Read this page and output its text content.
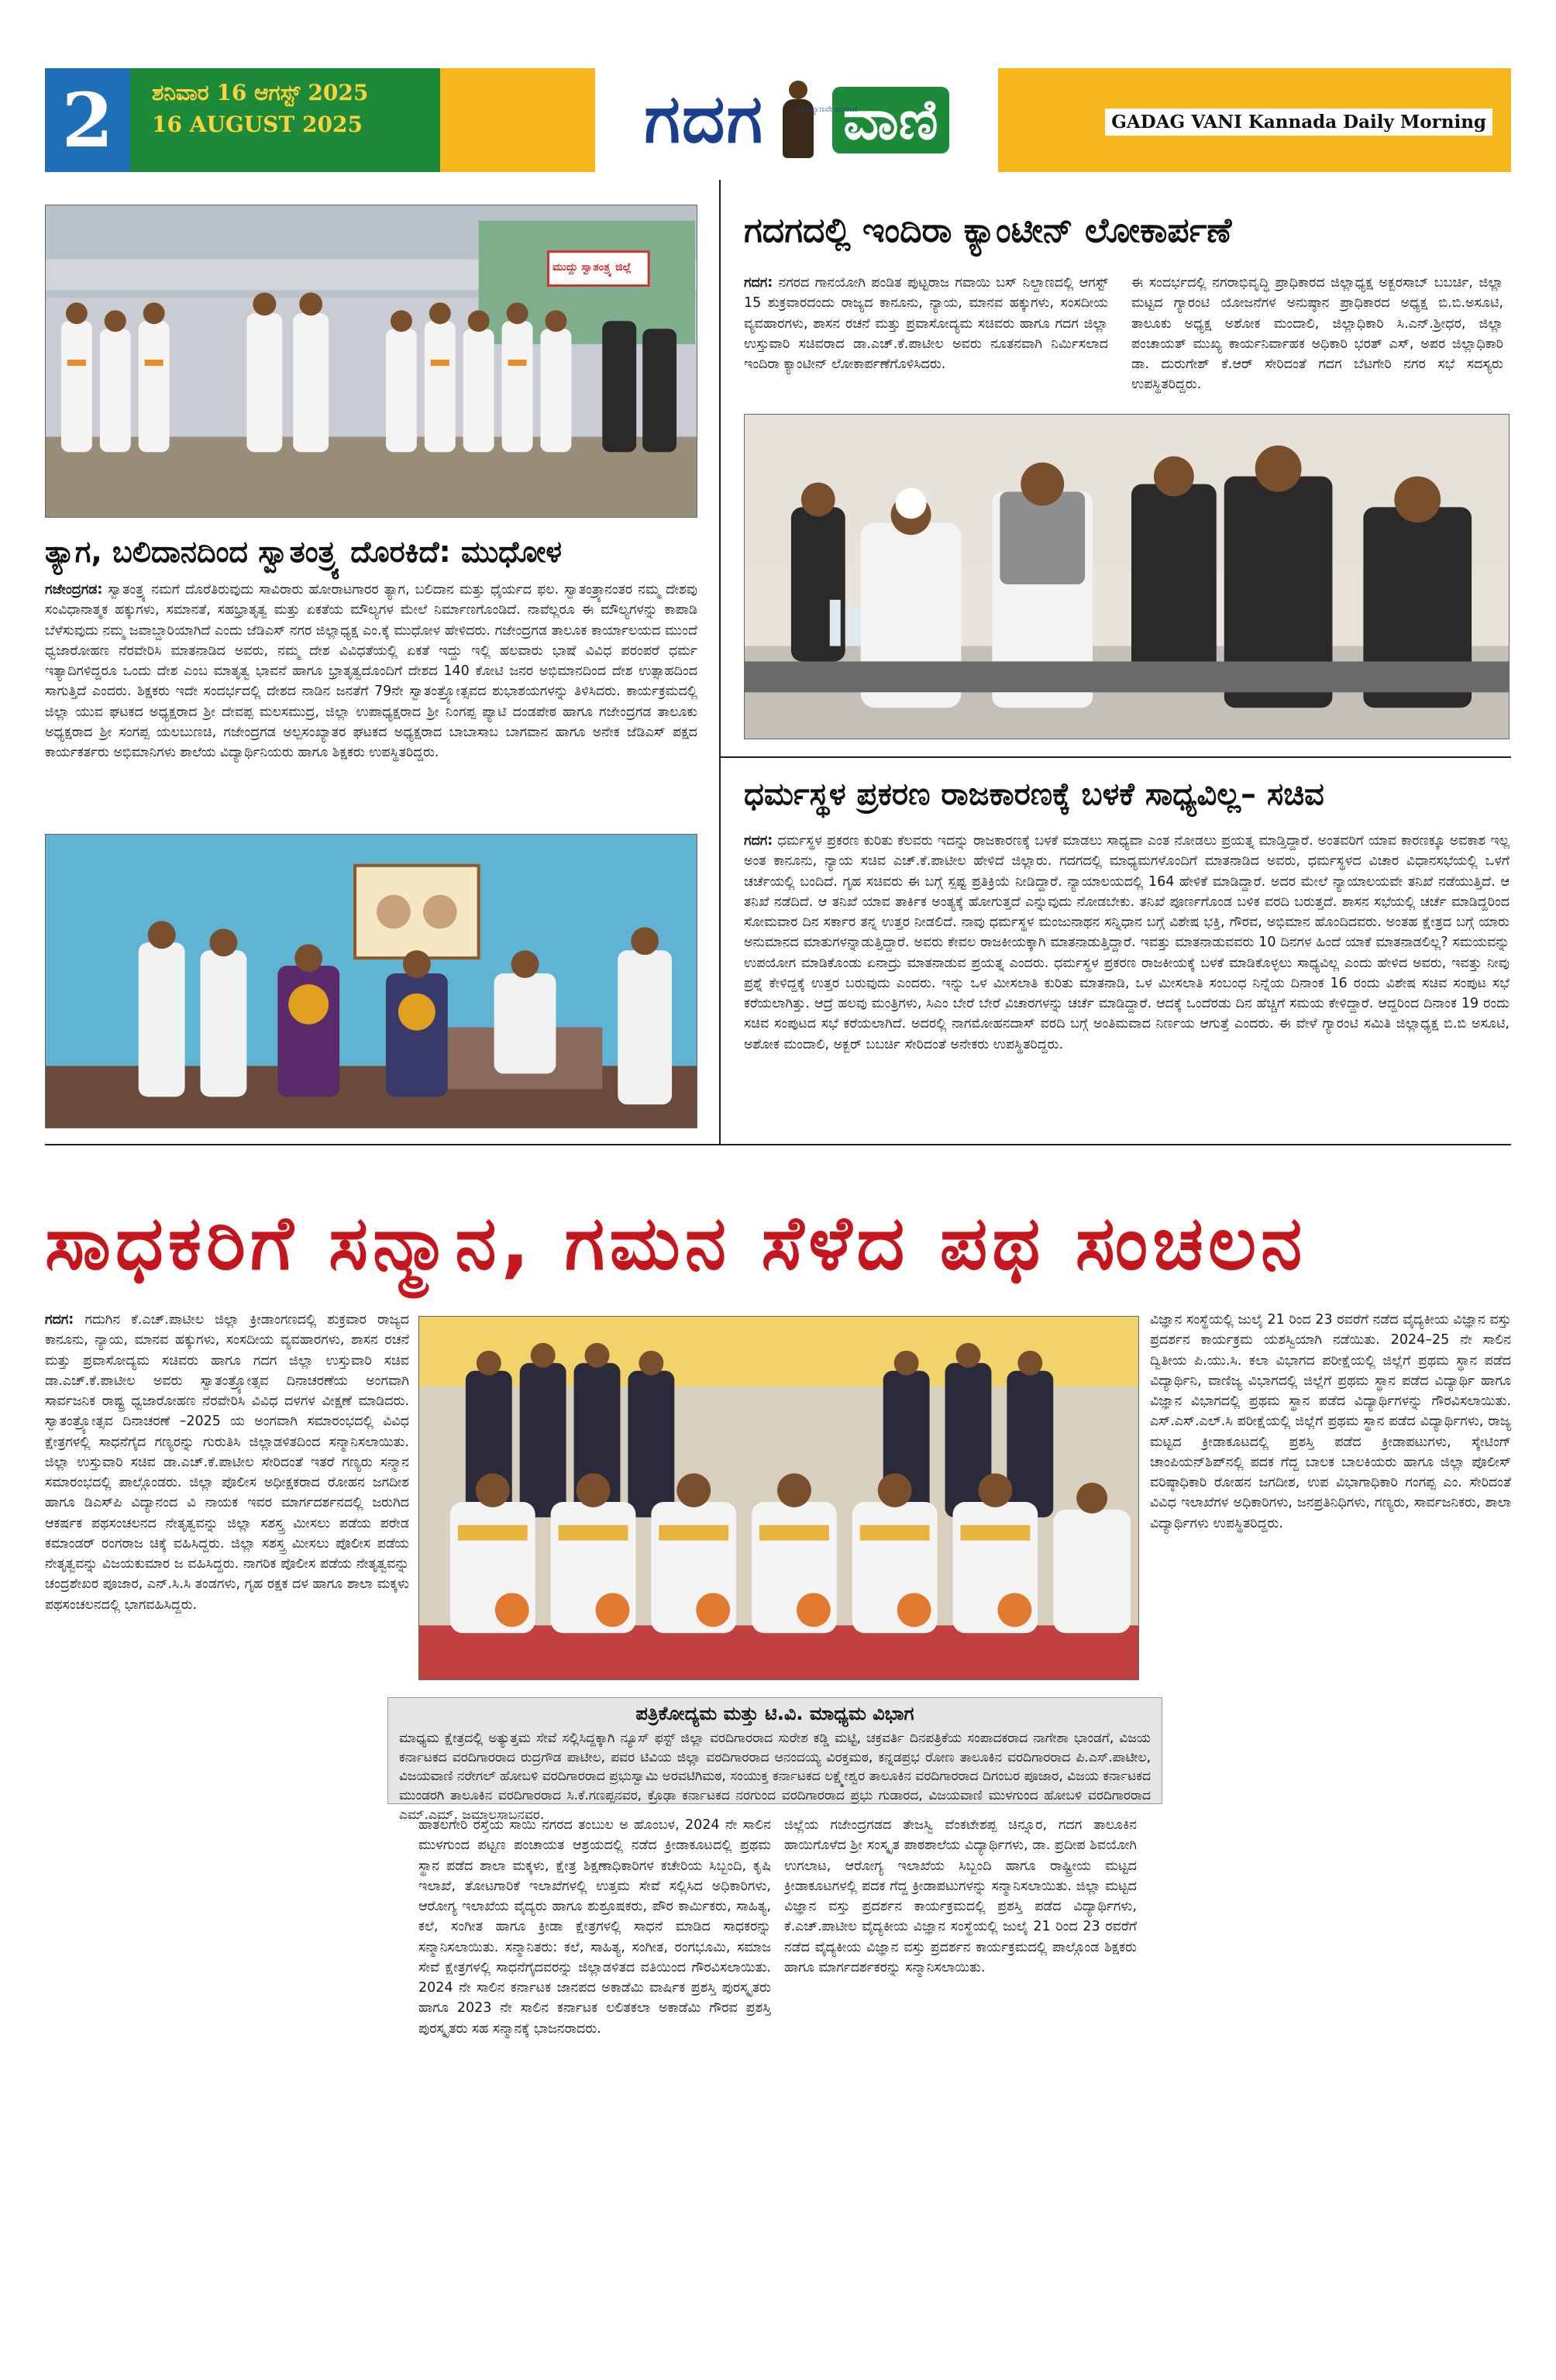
2	ಶನಿವಾರ 16 ಆಗಸ್ಟ್ 2025
16 AUGUST 2025	ಗದಗ ವಾಣಿ
ಜನ ಕಲ್ಯಾಣವೇ ಜನವಾಣಿ
GADAG VANI Kannada Daily Morning
ಮುದ್ದು ಸ್ವಾತಂತ್ರ್ಯ ಜಿಲ್ಲೆ
ತ್ಯಾಗ, ಬಲಿದಾನದಿಂದ ಸ್ವಾತಂತ್ರ್ಯ ದೊರಕಿದೆ: ಮುಧೋಳ

ಗಜೇಂದ್ರಗಡ: ಸ್ವಾತಂತ್ರ್ಯ ನಮಗೆ ದೊರೆತಿರುವುದು ಸಾವಿರಾರು ಹೋರಾಟಗಾರರ ತ್ಯಾಗ, ಬಲಿದಾನ ಮತ್ತು ಧೈರ್ಯದ ಫಲ. ಸ್ವಾತಂತ್ರ್ಯಾನಂತರ ನಮ್ಮ ದೇಶವು ಸಂವಿಧಾನಾತ್ಮಕ ಹಕ್ಕುಗಳು, ಸಮಾನತೆ, ಸಹಭ್ರಾತೃತ್ವ ಮತ್ತು ಏಕತೆಯ ಮೌಲ್ಯಗಳ ಮೇಲೆ ನಿರ್ಮಾಣಗೊಂಡಿದೆ. ನಾವೆಲ್ಲರೂ ಈ ಮೌಲ್ಯಗಳನ್ನು ಕಾಪಾಡಿ ಬೆಳೆಸುವುದು ನಮ್ಮ ಜವಾಬ್ದಾರಿಯಾಗಿದೆ ಎಂದು ಜೆಡಿಎಸ್ ನಗರ ಜಿಲ್ಲಾಧ್ಯಕ್ಷ ಎಂ.ಕ್ಕೆ ಮುಧೋಳ ಹೇಳಿದರು. ಗಜೇಂದ್ರಗಡ ತಾಲೂಕ ಕಾರ್ಯಾಲಯದ ಮುಂದೆ ಧ್ವಜಾರೋಹಣ ನೆರವೇರಿಸಿ ಮಾತನಾಡಿದ ಅವರು, ನಮ್ಮ ದೇಶ ವಿವಿಧತೆಯಲ್ಲಿ ಏಕತೆ ಇದ್ದು ಇಲ್ಲಿ ಹಲವಾರು ಭಾಷೆ ವಿವಿಧ ಪರಂಪರೆ ಧರ್ಮ ಇತ್ಯಾದಿಗಳಿದ್ದರೂ ಒಂದು ದೇಶ ಎಂಬ ಮಾತೃತ್ವ ಭಾವನೆ ಹಾಗೂ ಭ್ರಾತೃತ್ವದೊಂದಿಗೆ ದೇಶದ 140 ಕೋಟಿ ಜನರ ಅಭಿಮಾನದಿಂದ ದೇಶ ಉತ್ಸಾಹದಿಂದ ಸಾಗುತ್ತಿದೆ ಎಂದರು. ಶಿಕ್ಷಕರು ಇದೇ ಸಂದರ್ಭದಲ್ಲಿ ದೇಶದ ನಾಡಿನ ಜನತೆಗೆ 79ನೇ ಸ್ವಾತಂತ್ರ್ಯೋತ್ಸವದ ಶುಭಾಶಯಗಳನ್ನು ತಿಳಿಸಿದರು. ಕಾರ್ಯಕ್ರಮದಲ್ಲಿ ಜಿಲ್ಲಾ ಯುವ ಘಟಕದ ಅಧ್ಯಕ್ಷರಾದ ಶ್ರೀ ದೇವಪ್ಪ ಮಲಸಮುದ್ರ, ಜಿಲ್ಲಾ ಉಪಾಧ್ಯಕ್ಷರಾದ ಶ್ರೀ ನಿಂಗಪ್ಪ ಪ್ಯಾಟಿ ದಂಡಪೇಠ ಹಾಗೂ ಗಜೇಂದ್ರಗಡ ತಾಲೂಕು ಅಧ್ಯಕ್ಷರಾದ ಶ್ರೀ ಸಂಗಪ್ಪ ಯಲಬುಣಚಿ, ಗಜೇಂದ್ರಗಡ ಅಲ್ಪಸಂಖ್ಯಾತರ ಘಟಕದ ಅಧ್ಯಕ್ಷರಾದ ಬಾಬಾಸಾಬ ಬಾಗವಾನ ಹಾಗೂ ಅನೇಕ ಜೆಡಿಎಸ್ ಪಕ್ಷದ ಕಾರ್ಯಕರ್ತರು ಅಭಿಮಾನಿಗಳು ಶಾಲೆಯ ವಿದ್ಯಾರ್ಥಿನಿಯರು ಹಾಗೂ ಶಿಕ್ಷಕರು ಉಪಸ್ಥಿತರಿದ್ದರು.

ಗದಗದಲ್ಲಿ ಇಂದಿರಾ ಕ್ಯಾಂಟೀನ್ ಲೋಕಾರ್ಪಣೆ

ಗದಗ: ನಗರದ ಗಾನಯೋಗಿ ಪಂಡಿತ ಪುಟ್ಟರಾಜ ಗವಾಯಿ ಬಸ್ ನಿಲ್ದಾಣದಲ್ಲಿ ಆಗಸ್ಟ್ 15 ಶುಕ್ರವಾರದಂದು ರಾಜ್ಯದ ಕಾನೂನು, ನ್ಯಾಯ, ಮಾನವ ಹಕ್ಕುಗಳು, ಸಂಸದೀಯ ವ್ಯವಹಾರಗಳು, ಶಾಸನ ರಚನೆ ಮತ್ತು ಪ್ರವಾಸೋದ್ಯಮ ಸಚಿವರು ಹಾಗೂ ಗದಗ ಜಿಲ್ಲಾ ಉಸ್ತುವಾರಿ ಸಚಿವರಾದ ಡಾ.ಎಚ್.ಕೆ.ಪಾಟೀಲ ಅವರು ನೂತನವಾಗಿ ನಿರ್ಮಿಸಲಾದ ಇಂದಿರಾ ಕ್ಯಾಂಟೀನ್ ಲೋಕಾರ್ಪಣೆಗೊಳಿಸಿದರು.

ಈ ಸಂದರ್ಭದಲ್ಲಿ ನಗರಾಭಿವೃದ್ಧಿ ಪ್ರಾಧಿಕಾರದ ಜಿಲ್ಲಾಧ್ಯಕ್ಷ ಅಕ್ಬರಸಾಬ್ ಬಬರ್ಚಿ, ಜಿಲ್ಲಾ ಮಟ್ಟದ ಗ್ಯಾರಂಟಿ ಯೋಜನೆಗಳ ಅನುಷ್ಠಾನ ಪ್ರಾಧಿಕಾರದ ಅಧ್ಯಕ್ಷ ಬಿ.ಬಿ.ಅಸೂಟಿ, ತಾಲೂಕು ಅಧ್ಯಕ್ಷ ಅಶೋಕ ಮಂದಾಲಿ, ಜಿಲ್ಲಾಧಿಕಾರಿ ಸಿ.ಎನ್.ಶ್ರೀಧರ, ಜಿಲ್ಲಾ ಪಂಚಾಯತ್ ಮುಖ್ಯ ಕಾರ್ಯನಿರ್ವಾಹಕ ಅಧಿಕಾರಿ ಭರತ್ ಎಸ್, ಅಪರ ಜಿಲ್ಲಾಧಿಕಾರಿ ಡಾ. ದುರುಗೇಶ್ ಕೆ.ಆರ್ ಸೇರಿದಂತೆ ಗದಗ ಬೆಟಗೇರಿ ನಗರ ಸಭೆ ಸದಸ್ಯರು ಉಪಸ್ಥಿತರಿದ್ದರು.

ಧರ್ಮಸ್ಥಳ ಪ್ರಕರಣ ರಾಜಕಾರಣಕ್ಕೆ ಬಳಕೆ ಸಾಧ್ಯವಿಲ್ಲ– ಸಚಿವ

ಗದಗ: ಧರ್ಮಸ್ಥಳ ಪ್ರಕರಣ ಕುರಿತು ಕೆಲವರು ಇದನ್ನು ರಾಜಕಾರಣಕ್ಕೆ ಬಳಕೆ ಮಾಡಲು ಸಾಧ್ಯವಾ ಎಂತ ನೋಡಲು ಪ್ರಯತ್ನ ಮಾಡ್ತಿದ್ದಾರೆ. ಅಂತವರಿಗೆ ಯಾವ ಕಾರಣಕ್ಕೂ ಅವಕಾಶ ಇಲ್ಲ ಅಂತ ಕಾನೂನು, ನ್ಯಾಯ ಸಚಿವ ಎಚ್.ಕೆ.ಪಾಟೀಲ ಹೇಳಿದೆ ಜಿಲ್ಲಾರು. ಗದಗದಲ್ಲಿ ಮಾಧ್ಯಮಗಳೊಂದಿಗೆ ಮಾತನಾಡಿದ ಅವರು, ಧರ್ಮಸ್ಥಳದ ವಿಚಾರ ವಿಧಾನಸಭೆಯಲ್ಲಿ ಒಳಗೆ ಚರ್ಚೆಯಲ್ಲಿ ಬಂದಿದೆ. ಗೃಹ ಸಚಿವರು ಈ ಬಗ್ಗೆ ಸ್ಪಷ್ಟ ಪ್ರತಿಕ್ರಿಯೆ ನೀಡಿದ್ದಾರೆ. ನ್ಯಾಯಾಲಯದಲ್ಲಿ 164 ಹೇಳಿಕೆ ಮಾಡಿದ್ದಾರೆ. ಅದರ ಮೇಲೆ ನ್ಯಾಯಾಲಯವೇ ತನಿಖೆ ನಡೆಯುತ್ತಿದೆ. ಆ ತನಿಖೆ ನಡೆದಿದೆ. ಆ ತನಿಖೆ ಯಾವ ತಾರ್ಕಿಕ ಅಂತ್ಯಕ್ಕೆ ಹೋಗುತ್ತದೆ ಎನ್ನುವುದು ನೋಡಬೇಕು. ತನಿಖೆ ಪೂರ್ಣಗೊಂಡ ಬಳಿಕ ವರದಿ ಬರುತ್ತದೆ. ಶಾಸನ ಸಭೆಯಲ್ಲಿ ಚರ್ಚೆ ಮಾಡಿದ್ದರಿಂದ ಸೋಮವಾರ ದಿನ ಸರ್ಕಾರ ತನ್ನ ಉತ್ತರ ನೀಡಲಿದೆ. ನಾವು ಧರ್ಮಸ್ಥಳ ಮಂಜುನಾಥನ ಸನ್ನಿಧಾನ ಬಗ್ಗೆ ವಿಶೇಷ ಭಕ್ತಿ, ಗೌರವ, ಅಭಿಮಾನ ಹೊಂದಿದವರು. ಅಂತಹ ಕ್ಷೇತ್ರದ ಬಗ್ಗೆ ಯಾರು ಅನುಮಾನದ ಮಾತುಗಳನ್ನಾಡುತ್ತಿದ್ದಾರೆ. ಅವರು ಕೇವಲ ರಾಜಕೀಯಕ್ಕಾಗಿ ಮಾತನಾಡುತ್ತಿದ್ದಾರೆ. ಇವತ್ತು ಮಾತನಾಡುವವರು 10 ದಿನಗಳ ಹಿಂದೆ ಯಾಕೆ ಮಾತನಾಡಲಿಲ್ಲ? ಸಮಯವನ್ನು ಉಪಯೋಗ ಮಾಡಿಕೊಂಡು ಏನಾದ್ರು ಮಾತನಾಡುವ ಪ್ರಯತ್ನ ಎಂದರು. ಧರ್ಮಸ್ಥಳ ಪ್ರಕರಣ ರಾಜಕೀಯಕ್ಕೆ ಬಳಕೆ ಮಾಡಿಕೊಳ್ಳಲು ಸಾಧ್ಯವಿಲ್ಲ ಎಂದು ಹೇಳಿದ ಅವರು, ಇವತ್ತು ನೀವು ಪ್ರಶ್ನೆ ಕೇಳಿದ್ದಕ್ಕೆ ಉತ್ತರ ಬರುವುದು ಎಂದರು. ಇನ್ನು ಒಳ ಮೀಸಲಾತಿ ಕುರಿತು ಮಾತನಾಡಿ, ಒಳ ಮೀಸಲಾತಿ ಸಂಬಂಧ ನಿನ್ನೆಯ ದಿನಾಂಕ 16 ರಂದು ವಿಶೇಷ ಸಚಿವ ಸಂಪುಟ ಸಭೆ ಕರೆಯಲಾಗಿತ್ತು. ಆದ್ರೆ ಹಲವು ಮಂತ್ರಿಗಳು, ಸಿಎಂ ಬೇರೆ ಬೇರೆ ವಿಚಾರಗಳನ್ನು ಚರ್ಚೆ ಮಾಡಿದ್ದಾರೆ. ಆದಕ್ಕೆ ಒಂದೆರಡು ದಿನ ಹೆಚ್ಚಿಗೆ ಸಮಯ ಕೇಳಿದ್ದಾರೆ. ಆದ್ದರಿಂದ ದಿನಾಂಕ 19 ರಂದು ಸಚಿವ ಸಂಪುಟದ ಸಭೆ ಕರೆಯಲಾಗಿದೆ. ಅದರಲ್ಲಿ ನಾಗಮೋಹನದಾಸ್ ವರದಿ ಬಗ್ಗೆ ಅಂತಿಮವಾದ ನಿರ್ಣಯ ಆಗುತ್ತೆ ಎಂದರು. ಈ ವೇಳೆ ಗ್ಯಾರಂಟಿ ಸಮಿತಿ ಜಿಲ್ಲಾಧ್ಯಕ್ಷ ಬಿ.ಬಿ ಅಸೂಟಿ, ಅಶೋಕ ಮಂದಾಲಿ, ಅಕ್ಬರ್ ಬಬರ್ಚಿ ಸೇರಿದಂತೆ ಅನೇಕರು ಉಪಸ್ಥಿತರಿದ್ದರು.

ಸಾಧಕರಿಗೆ ಸನ್ಮಾನ, ಗಮನ ಸೆಳೆದ ಪಥ ಸಂಚಲನ

ಗದಗ: ಗದುಗಿನ ಕೆ.ಎಚ್.ಪಾಟೀಲ ಜಿಲ್ಲಾ ಕ್ರೀಡಾಂಗಣದಲ್ಲಿ ಶುಕ್ರವಾರ ರಾಜ್ಯದ ಕಾನೂನು, ನ್ಯಾಯ, ಮಾನವ ಹಕ್ಕುಗಳು, ಸಂಸದೀಯ ವ್ಯವಹಾರಗಳು, ಶಾಸನ ರಚನೆ ಮತ್ತು ಪ್ರವಾಸೋದ್ಯಮ ಸಚಿವರು ಹಾಗೂ ಗದಗ ಜಿಲ್ಲಾ ಉಸ್ತುವಾರಿ ಸಚಿವ ಡಾ.ಎಚ್.ಕೆ.ಪಾಟೀಲ ಅವರು ಸ್ವಾತಂತ್ರ್ಯೋತ್ಸವ ದಿನಾಚರಣೆಯ ಅಂಗವಾಗಿ ಸಾರ್ವಜನಿಕ ರಾಷ್ಟ್ರ ಧ್ವಜಾರೋಹಣ ನೆರವೇರಿಸಿ ವಿವಿಧ ದಳಗಳ ವೀಕ್ಷಣೆ ಮಾಡಿದರು. ಸ್ವಾತಂತ್ರ್ಯೋತ್ಸವ ದಿನಾಚರಣೆ –2025 ಯ ಅಂಗವಾಗಿ ಸಮಾರಂಭದಲ್ಲಿ ವಿವಿಧ ಕ್ಷೇತ್ರಗಳಲ್ಲಿ ಸಾಧನೆಗೈದ ಗಣ್ಯರನ್ನು ಗುರುತಿಸಿ ಜಿಲ್ಲಾಡಳಿತದಿಂದ ಸನ್ಮಾನಿಸಲಾಯಿತು. ಜಿಲ್ಲಾ ಉಸ್ತುವಾರಿ ಸಚಿವ ಡಾ.ಎಚ್.ಕೆ.ಪಾಟೀಲ ಸೇರಿದಂತೆ ಇತರೆ ಗಣ್ಯರು ಸನ್ಮಾನ ಸಮಾರಂಭದಲ್ಲಿ ಪಾಲ್ಗೊಂಡರು. ಜಿಲ್ಲಾ ಪೊಲೀಸ ಅಧೀಕ್ಷಕರಾದ ರೋಹನ ಜಗದೀಶ ಹಾಗೂ ಡಿಎಸ್‌ಪಿ ವಿದ್ಯಾನಂದ ವಿ ನಾಯಕ ಇವರ ಮಾರ್ಗದರ್ಶನದಲ್ಲಿ ಜರುಗಿದ ಆಕರ್ಷಕ ಪಥಸಂಚಲನದ ನೇತೃತ್ವವನ್ನು ಜಿಲ್ಲಾ ಸಶಸ್ತ್ರ ಮೀಸಲು ಪಡೆಯ ಪರೇಡ ಕಮಾಂಡರ್ ರಂಗರಾಜ ಚಿಕ್ಕೆ ವಹಿಸಿದ್ದರು. ಜಿಲ್ಲಾ ಸಶಸ್ತ್ರ ಮೀಸಲು ಪೊಲೀಸ ಪಡೆಯ ನೇತೃತ್ವವನ್ನು ವಿಜಯಕುಮಾರ ಜ ವಹಿಸಿದ್ದರು. ನಾಗರಿಕ ಪೊಲೀಸ ಪಡೆಯ ನೇತೃತ್ವವನ್ನು ಚಂದ್ರಶೇಖರ ಪೂಜಾರ, ಎನ್.ಸಿ.ಸಿ ತಂಡಗಳು, ಗೃಹ ರಕ್ಷಕ ದಳ ಹಾಗೂ ಶಾಲಾ ಮಕ್ಕಳು ಪಥಸಂಚಲನದಲ್ಲಿ ಭಾಗವಹಿಸಿದ್ದರು.

ಪತ್ರಿಕೋದ್ಯಮ ಮತ್ತು ಟಿ.ವಿ. ಮಾಧ್ಯಮ ವಿಭಾಗ
ಮಾಧ್ಯಮ ಕ್ಷೇತ್ರದಲ್ಲಿ ಅತ್ಯುತ್ತಮ ಸೇವೆ ಸಲ್ಲಿಸಿದ್ದಕ್ಕಾಗಿ ನ್ಯೂಸ್ ಫಸ್ಟ್ ಜಿಲ್ಲಾ ವರದಿಗಾರರಾದ ಸುರೇಶ ಕಡ್ಡಿ ಮಟ್ಟಿ, ಚಕ್ರವರ್ತಿ ದಿನಪತ್ರಿಕೆಯ ಸಂಪಾದಕರಾದ ನಾಗೇಶಾ ಭಾಂಡಗೆ, ವಿಜಯ ಕರ್ನಾಟಕದ ವರದಿಗಾರರಾದ ರುದ್ರಗೌಡ ಪಾಟೀಲ, ಪವರ ಟಿವಿಯ ಜಿಲ್ಲಾ ವರದಿಗಾರರಾದ ಆನಂದಯ್ಯ ವಿರಕ್ತಮಠ, ಕನ್ನಡಪ್ರಭ ರೋಣ ತಾಲೂಕಿನ ವರದಿಗಾರರಾದ ಪಿ.ಎಸ್.ಪಾಟೀಲ, ವಿಜಯವಾಣಿ ನರೇಗಲ್ ಹೋಬಳಿ ವರದಿಗಾರರಾದ ಪ್ರಭುಸ್ವಾಮಿ ಅರವಟಿಗಿಮಠ, ಸಂಯುಕ್ತ ಕರ್ನಾಟಕದ ಲಕ್ಷ್ಮೇಶ್ವರ ತಾಲೂಕಿನ ವರದಿಗಾರರಾದ ದಿಗಂಬರ ಪೂಜಾರ, ವಿಜಯ ಕರ್ನಾಟಕದ ಮುಂಡರಗಿ ತಾಲೂಕಿನ ವರದಿಗಾರರಾದ ಸಿ.ಕೆ.ಗಣಪ್ಪನವರ, ಕ್ರೊಢಾ ಕರ್ನಾಟಕದ ನರಗುಂದ ವರದಿಗಾರರಾದ ಪ್ರಭು ಗುಡಾರದ, ವಿಜಯವಾಣಿ ಮುಳಗುಂದ ಹೋಬಳಿ ವರದಿಗಾರರಾದ ಎಮ್.ಎಮ್. ಜಮಾಲಸಾಬನವರ.

ಹಾತಲಗೇರಿ ರಸ್ತೆಯ ಸಾಯಿ ನಗರದ ತಂಬುಲ ಅ ಹೊಂಬಳ, 2024 ನೇ ಸಾಲಿನ ಮುಳಗುಂದ ಪಟ್ಟಣ ಪಂಚಾಯತ ಆಶ್ರಯದಲ್ಲಿ ನಡೆದ ಕ್ರೀಡಾಕೂಟದಲ್ಲಿ ಪ್ರಥಮ ಸ್ಥಾನ ಪಡೆದ ಶಾಲಾ ಮಕ್ಕಳು, ಕ್ಷೇತ್ರ ಶಿಕ್ಷಣಾಧಿಕಾರಿಗಳ ಕಚೇರಿಯ ಸಿಬ್ಬಂದಿ, ಕೃಷಿ ಇಲಾಖೆ, ತೋಟಗಾರಿಕೆ ಇಲಾಖೆಗಳಲ್ಲಿ ಉತ್ತಮ ಸೇವೆ ಸಲ್ಲಿಸಿದ ಅಧಿಕಾರಿಗಳು, ಆರೋಗ್ಯ ಇಲಾಖೆಯ ವೈದ್ಯರು ಹಾಗೂ ಶುಶ್ರೂಷಕರು, ಪೌರ ಕಾರ್ಮಿಕರು, ಸಾಹಿತ್ಯ, ಕಲೆ, ಸಂಗೀತ ಹಾಗೂ ಕ್ರೀಡಾ ಕ್ಷೇತ್ರಗಳಲ್ಲಿ ಸಾಧನೆ ಮಾಡಿದ ಸಾಧಕರನ್ನು ಸನ್ಮಾನಿಸಲಾಯಿತು. ಸನ್ಮಾನಿತರು: ಕಲೆ, ಸಾಹಿತ್ಯ, ಸಂಗೀತ, ರಂಗಭೂಮಿ, ಸಮಾಜ ಸೇವೆ ಕ್ಷೇತ್ರಗಳಲ್ಲಿ ಸಾಧನೆಗೈದವರನ್ನು ಜಿಲ್ಲಾಡಳಿತದ ವತಿಯಿಂದ ಗೌರವಿಸಲಾಯಿತು. 2024 ನೇ ಸಾಲಿನ ಕರ್ನಾಟಕ ಜಾನಪದ ಅಕಾಡೆಮಿ ವಾರ್ಷಿಕ ಪ್ರಶಸ್ತಿ ಪುರಸ್ಕೃತರು ಹಾಗೂ 2023 ನೇ ಸಾಲಿನ ಕರ್ನಾಟಕ ಲಲಿತಕಲಾ ಅಕಾಡೆಮಿ ಗೌರವ ಪ್ರಶಸ್ತಿ ಪುರಸ್ಕೃತರು ಸಹ ಸನ್ಮಾನಕ್ಕೆ ಭಾಜನರಾದರು.

ಜಿಲ್ಲೆಯ ಗಜೇಂದ್ರಗಡದ ತೇಜಸ್ವಿ ವೆಂಕಟೇಶಪ್ಪ ಚಿನ್ನೂರ, ಗದಗ ತಾಲೂಕಿನ ಹಾಯಿಗೊಳೆದ ಶ್ರೀ ಸಂಸ್ಕೃತ ಪಾಠಶಾಲೆಯ ವಿದ್ಯಾರ್ಥಿಗಳು, ಡಾ. ಪ್ರದೀಪ ಶಿವಯೋಗಿ ಉಗಲಾಟ, ಆರೋಗ್ಯ ಇಲಾಖೆಯ ಸಿಬ್ಬಂದಿ ಹಾಗೂ ರಾಷ್ಟ್ರೀಯ ಮಟ್ಟದ ಕ್ರೀಡಾಕೂಟಗಳಲ್ಲಿ ಪದಕ ಗೆದ್ದ ಕ್ರೀಡಾಪಟುಗಳನ್ನು ಸನ್ಮಾನಿಸಲಾಯಿತು. ಜಿಲ್ಲಾ ಮಟ್ಟದ ವಿಜ್ಞಾನ ವಸ್ತು ಪ್ರದರ್ಶನ ಕಾರ್ಯಕ್ರಮದಲ್ಲಿ ಪ್ರಶಸ್ತಿ ಪಡೆದ ವಿದ್ಯಾರ್ಥಿಗಳು, ಕೆ.ಎಚ್.ಪಾಟೀಲ ವೈದ್ಯಕೀಯ ವಿಜ್ಞಾನ ಸಂಸ್ಥೆಯಲ್ಲಿ ಜುಲೈ 21 ರಿಂದ 23 ರವರೆಗೆ ನಡೆದ ವೈದ್ಯಕೀಯ ವಿಜ್ಞಾನ ವಸ್ತು ಪ್ರದರ್ಶನ ಕಾರ್ಯಕ್ರಮದಲ್ಲಿ ಪಾಲ್ಗೊಂಡ ಶಿಕ್ಷಕರು ಹಾಗೂ ಮಾರ್ಗದರ್ಶಕರನ್ನು ಸನ್ಮಾನಿಸಲಾಯಿತು.

ವಿಜ್ಞಾನ ಸಂಸ್ಥೆಯಲ್ಲಿ ಜುಲೈ 21 ರಿಂದ 23 ರವರೆಗೆ ನಡೆದ ವೈದ್ಯಕೀಯ ವಿಜ್ಞಾನ ವಸ್ತು ಪ್ರದರ್ಶನ ಕಾರ್ಯಕ್ರಮ ಯಶಸ್ವಿಯಾಗಿ ನಡೆಯಿತು. 2024–25 ನೇ ಸಾಲಿನ ದ್ವಿತೀಯ ಪಿ.ಯು.ಸಿ. ಕಲಾ ವಿಭಾಗದ ಪರೀಕ್ಷೆಯಲ್ಲಿ ಜಿಲ್ಲೆಗೆ ಪ್ರಥಮ ಸ್ಥಾನ ಪಡೆದ ವಿದ್ಯಾರ್ಥಿನಿ, ವಾಣಿಜ್ಯ ವಿಭಾಗದಲ್ಲಿ ಜಿಲ್ಲೆಗೆ ಪ್ರಥಮ ಸ್ಥಾನ ಪಡೆದ ವಿದ್ಯಾರ್ಥಿ ಹಾಗೂ ವಿಜ್ಞಾನ ವಿಭಾಗದಲ್ಲಿ ಪ್ರಥಮ ಸ್ಥಾನ ಪಡೆದ ವಿದ್ಯಾರ್ಥಿಗಳನ್ನು ಗೌರವಿಸಲಾಯಿತು. ಎಸ್.ಎಸ್.ಎಲ್.ಸಿ ಪರೀಕ್ಷೆಯಲ್ಲಿ ಜಿಲ್ಲೆಗೆ ಪ್ರಥಮ ಸ್ಥಾನ ಪಡೆದ ವಿದ್ಯಾರ್ಥಿಗಳು, ರಾಜ್ಯ ಮಟ್ಟದ ಕ್ರೀಡಾಕೂಟದಲ್ಲಿ ಪ್ರಶಸ್ತಿ ಪಡೆದ ಕ್ರೀಡಾಪಟುಗಳು, ಸ್ಕೇಟಿಂಗ್ ಚಾಂಪಿಯನ್‌ಶಿಪ್‌ನಲ್ಲಿ ಪದಕ ಗೆದ್ದ ಬಾಲಕ ಬಾಲಕಿಯರು ಹಾಗೂ ಜಿಲ್ಲಾ ಪೊಲೀಸ್ ವರಿಷ್ಠಾಧಿಕಾರಿ ರೋಹನ ಜಗದೀಶ, ಉಪ ವಿಭಾಗಾಧಿಕಾರಿ ಗಂಗಪ್ಪ ಎಂ. ಸೇರಿದಂತೆ ವಿವಿಧ ಇಲಾಖೆಗಳ ಅಧಿಕಾರಿಗಳು, ಜನಪ್ರತಿನಿಧಿಗಳು, ಗಣ್ಯರು, ಸಾರ್ವಜನಿಕರು, ಶಾಲಾ ವಿದ್ಯಾರ್ಥಿಗಳು ಉಪಸ್ಥಿತರಿದ್ದರು.
